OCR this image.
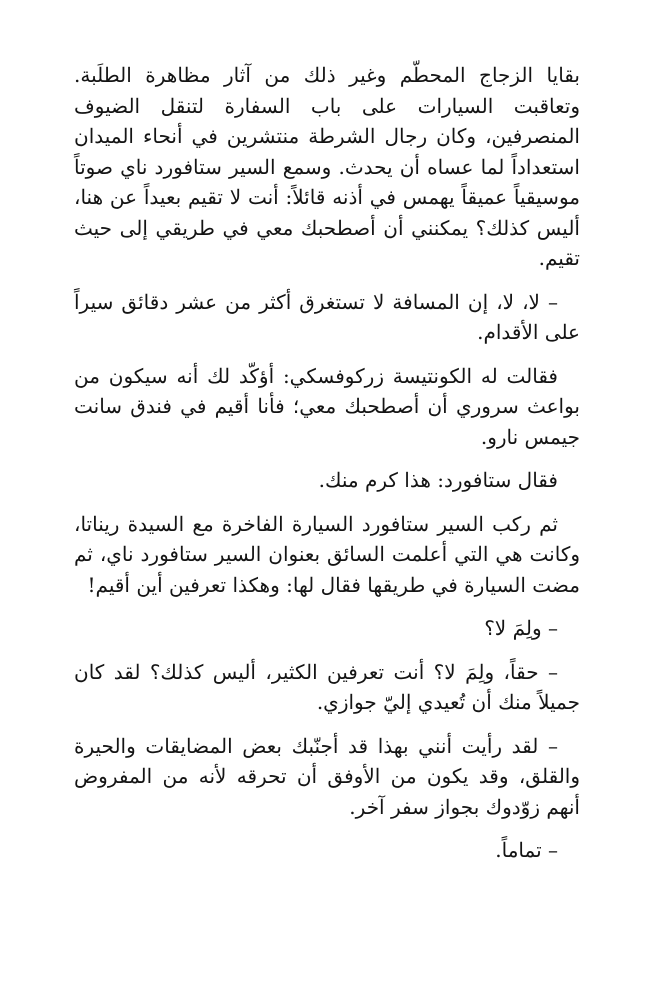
بقايا الزجاج المحطّم وغير ذلك من آثار مظاهرة الطلَبة. وتعاقبت السيارات على باب السفارة لتنقل الضيوف المنصرفين، وكان رجال الشرطة منتشرين في أنحاء الميدان استعداداً لما عساه أن يحدث. وسمع السير ستافورد ناي صوتاً موسيقياً عميقاً يهمس في أذنه قائلاً: أنت لا تقيم بعيداً عن هنا، أليس كذلك؟ يمكنني أن أصطحبك معي في طريقي إلى حيث تقيم.

– لا، لا، إن المسافة لا تستغرق أكثر من عشر دقائق سيراً على الأقدام.

فقالت له الكونتيسة زركوفسكي: أؤكّد لك أنه سيكون من بواعث سروري أن أصطحبك معي؛ فأنا أقيم في فندق سانت جيمس نارو.

فقال ستافورد: هذا كرم منك.

ثم ركب السير ستافورد السيارة الفاخرة مع السيدة ريناتا، وكانت هي التي أعلمت السائق بعنوان السير ستافورد ناي، ثم مضت السيارة في طريقها فقال لها: وهكذا تعرفين أين أقيم!

– ولِمَ لا؟

– حقاً، ولِمَ لا؟ أنت تعرفين الكثير، أليس كذلك؟ لقد كان جميلاً منك أن تُعيدي إليّ جوازي.

– لقد رأيت أنني بهذا قد أجنّبك بعض المضايقات والحيرة والقلق، وقد يكون من الأوفق أن تحرقه لأنه من المفروض أنهم زوّدوك بجواز سفر آخر.

– تماماً.
